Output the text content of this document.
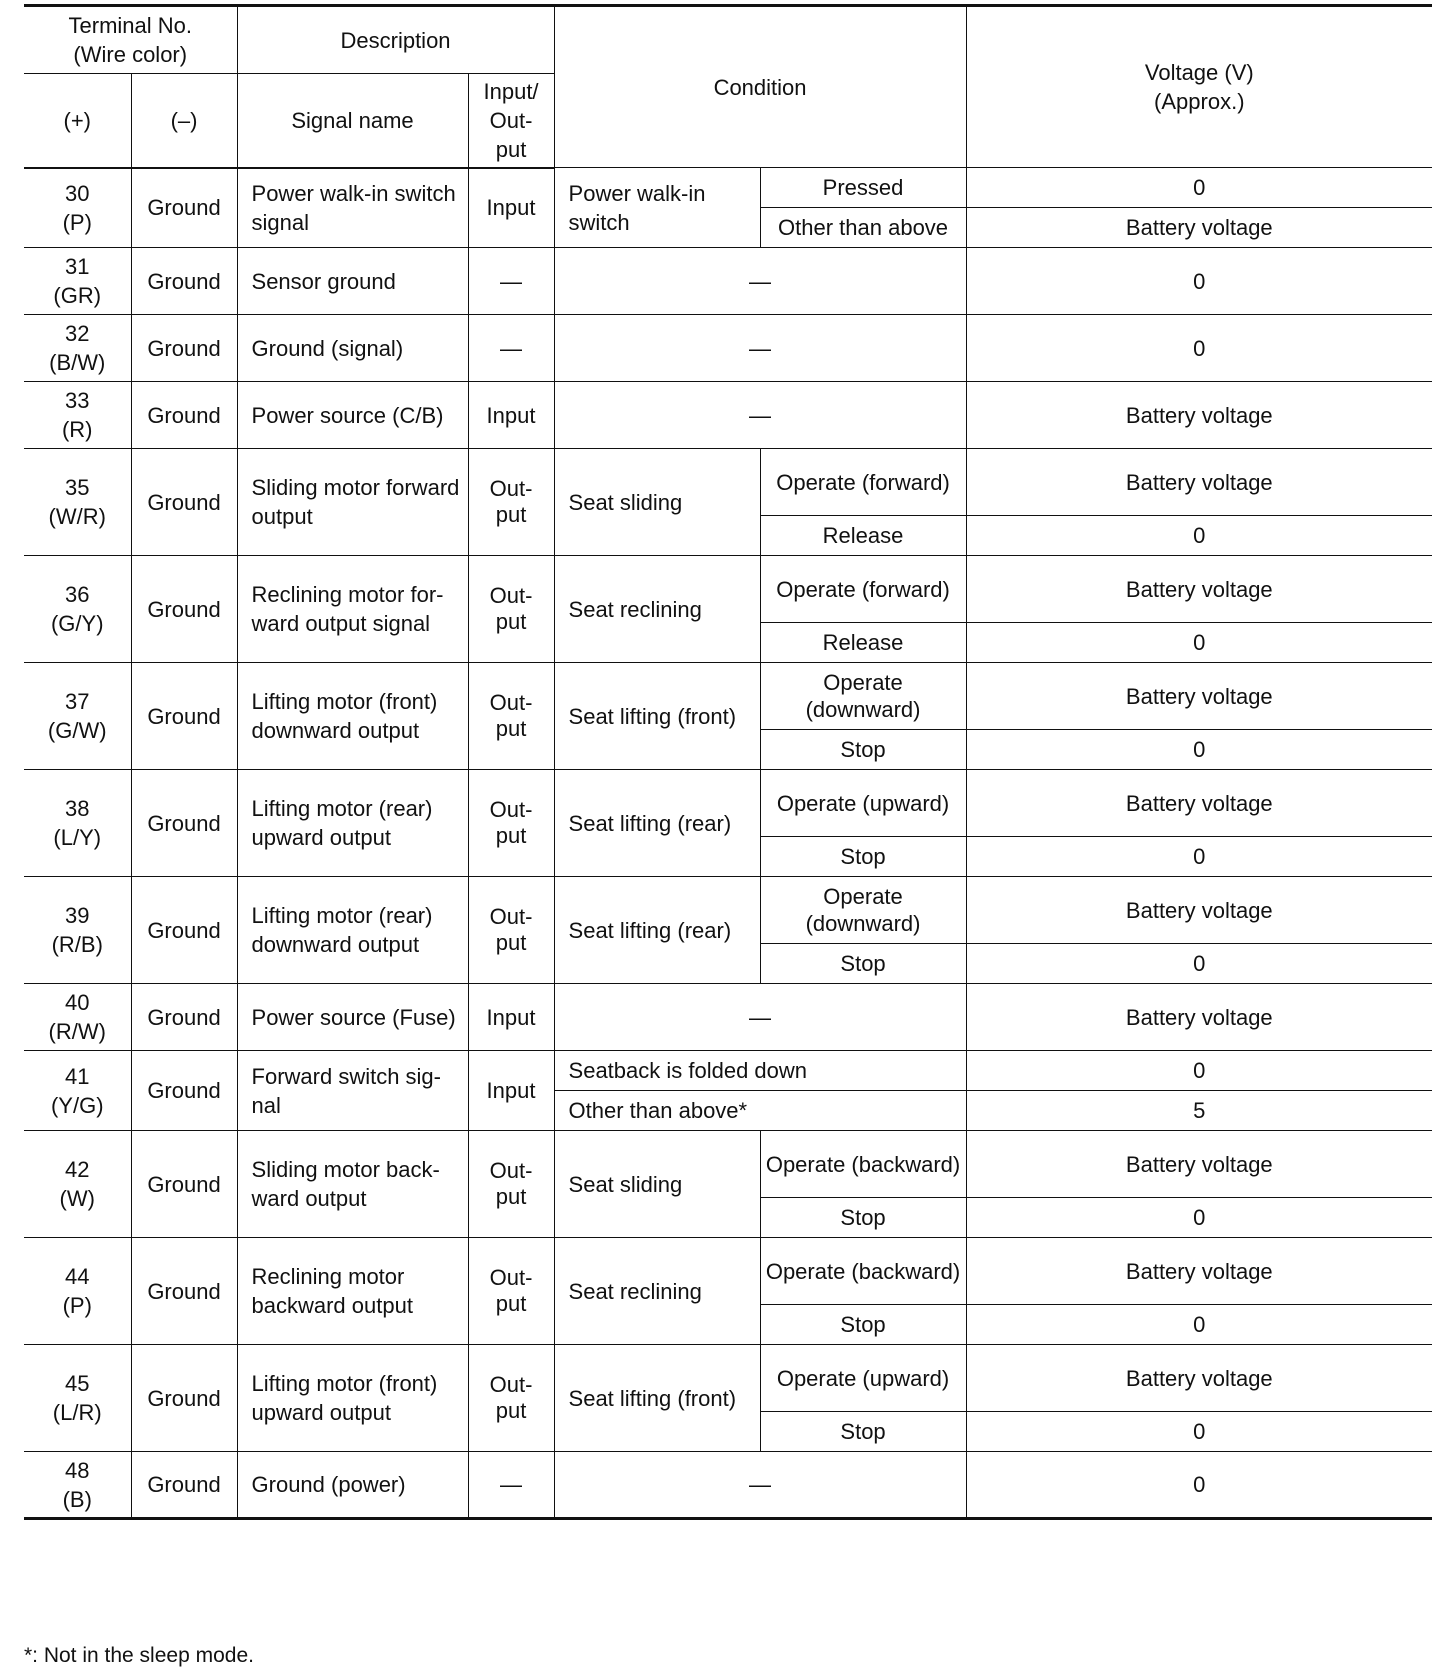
Terminal No.
(Wire color)		Description		Condition		Voltage (V)
(Approx.)

(+)	(–)	Signal name	Input/ Out- put			

30
(P)	Ground	Power walk-in switch signal	Input	Power walk-in switch	Pressed	0
					Other than above	Battery voltage

31
(GR)	Ground	Sensor ground	—	—		0

32
(B/W)	Ground	Ground (signal)	—	—		0

33
(R)	Ground	Power source (C/B)	Input	—		Battery voltage

35
(W/R)	Ground	Sliding motor forward output	Out- put	Seat sliding	Operate (forward)	Battery voltage
					Release	0

36
(G/Y)	Ground	Reclining motor for- ward output signal	Out- put	Seat reclining	Operate (forward)	Battery voltage
					Release	0

37
(G/W)	Ground	Lifting motor (front) downward output	Out- put	Seat lifting (front)	Operate (downward)	Battery voltage
					Stop	0

38
(L/Y)	Ground	Lifting motor (rear) upward output	Out- put	Seat lifting (rear)	Operate (upward)	Battery voltage
					Stop	0

39
(R/B)	Ground	Lifting motor (rear) downward output	Out- put	Seat lifting (rear)	Operate (downward)	Battery voltage
					Stop	0

40
(R/W)	Ground	Power source (Fuse)	Input	—		Battery voltage

41
(Y/G)	Ground	Forward switch sig- nal	Input	Seatback is folded down		0
				Other than above*		5

42
(W)	Ground	Sliding motor back- ward output	Out- put	Seat sliding	Operate (backward)	Battery voltage
					Stop	0

44
(P)	Ground	Reclining motor backward output	Out- put	Seat reclining	Operate (backward)	Battery voltage
					Stop	0

45
(L/R)	Ground	Lifting motor (front) upward output	Out- put	Seat lifting (front)	Operate (upward)	Battery voltage
					Stop	0

48
(B)	Ground	Ground (power)	—	—		0
*: Not in the sleep mode.
